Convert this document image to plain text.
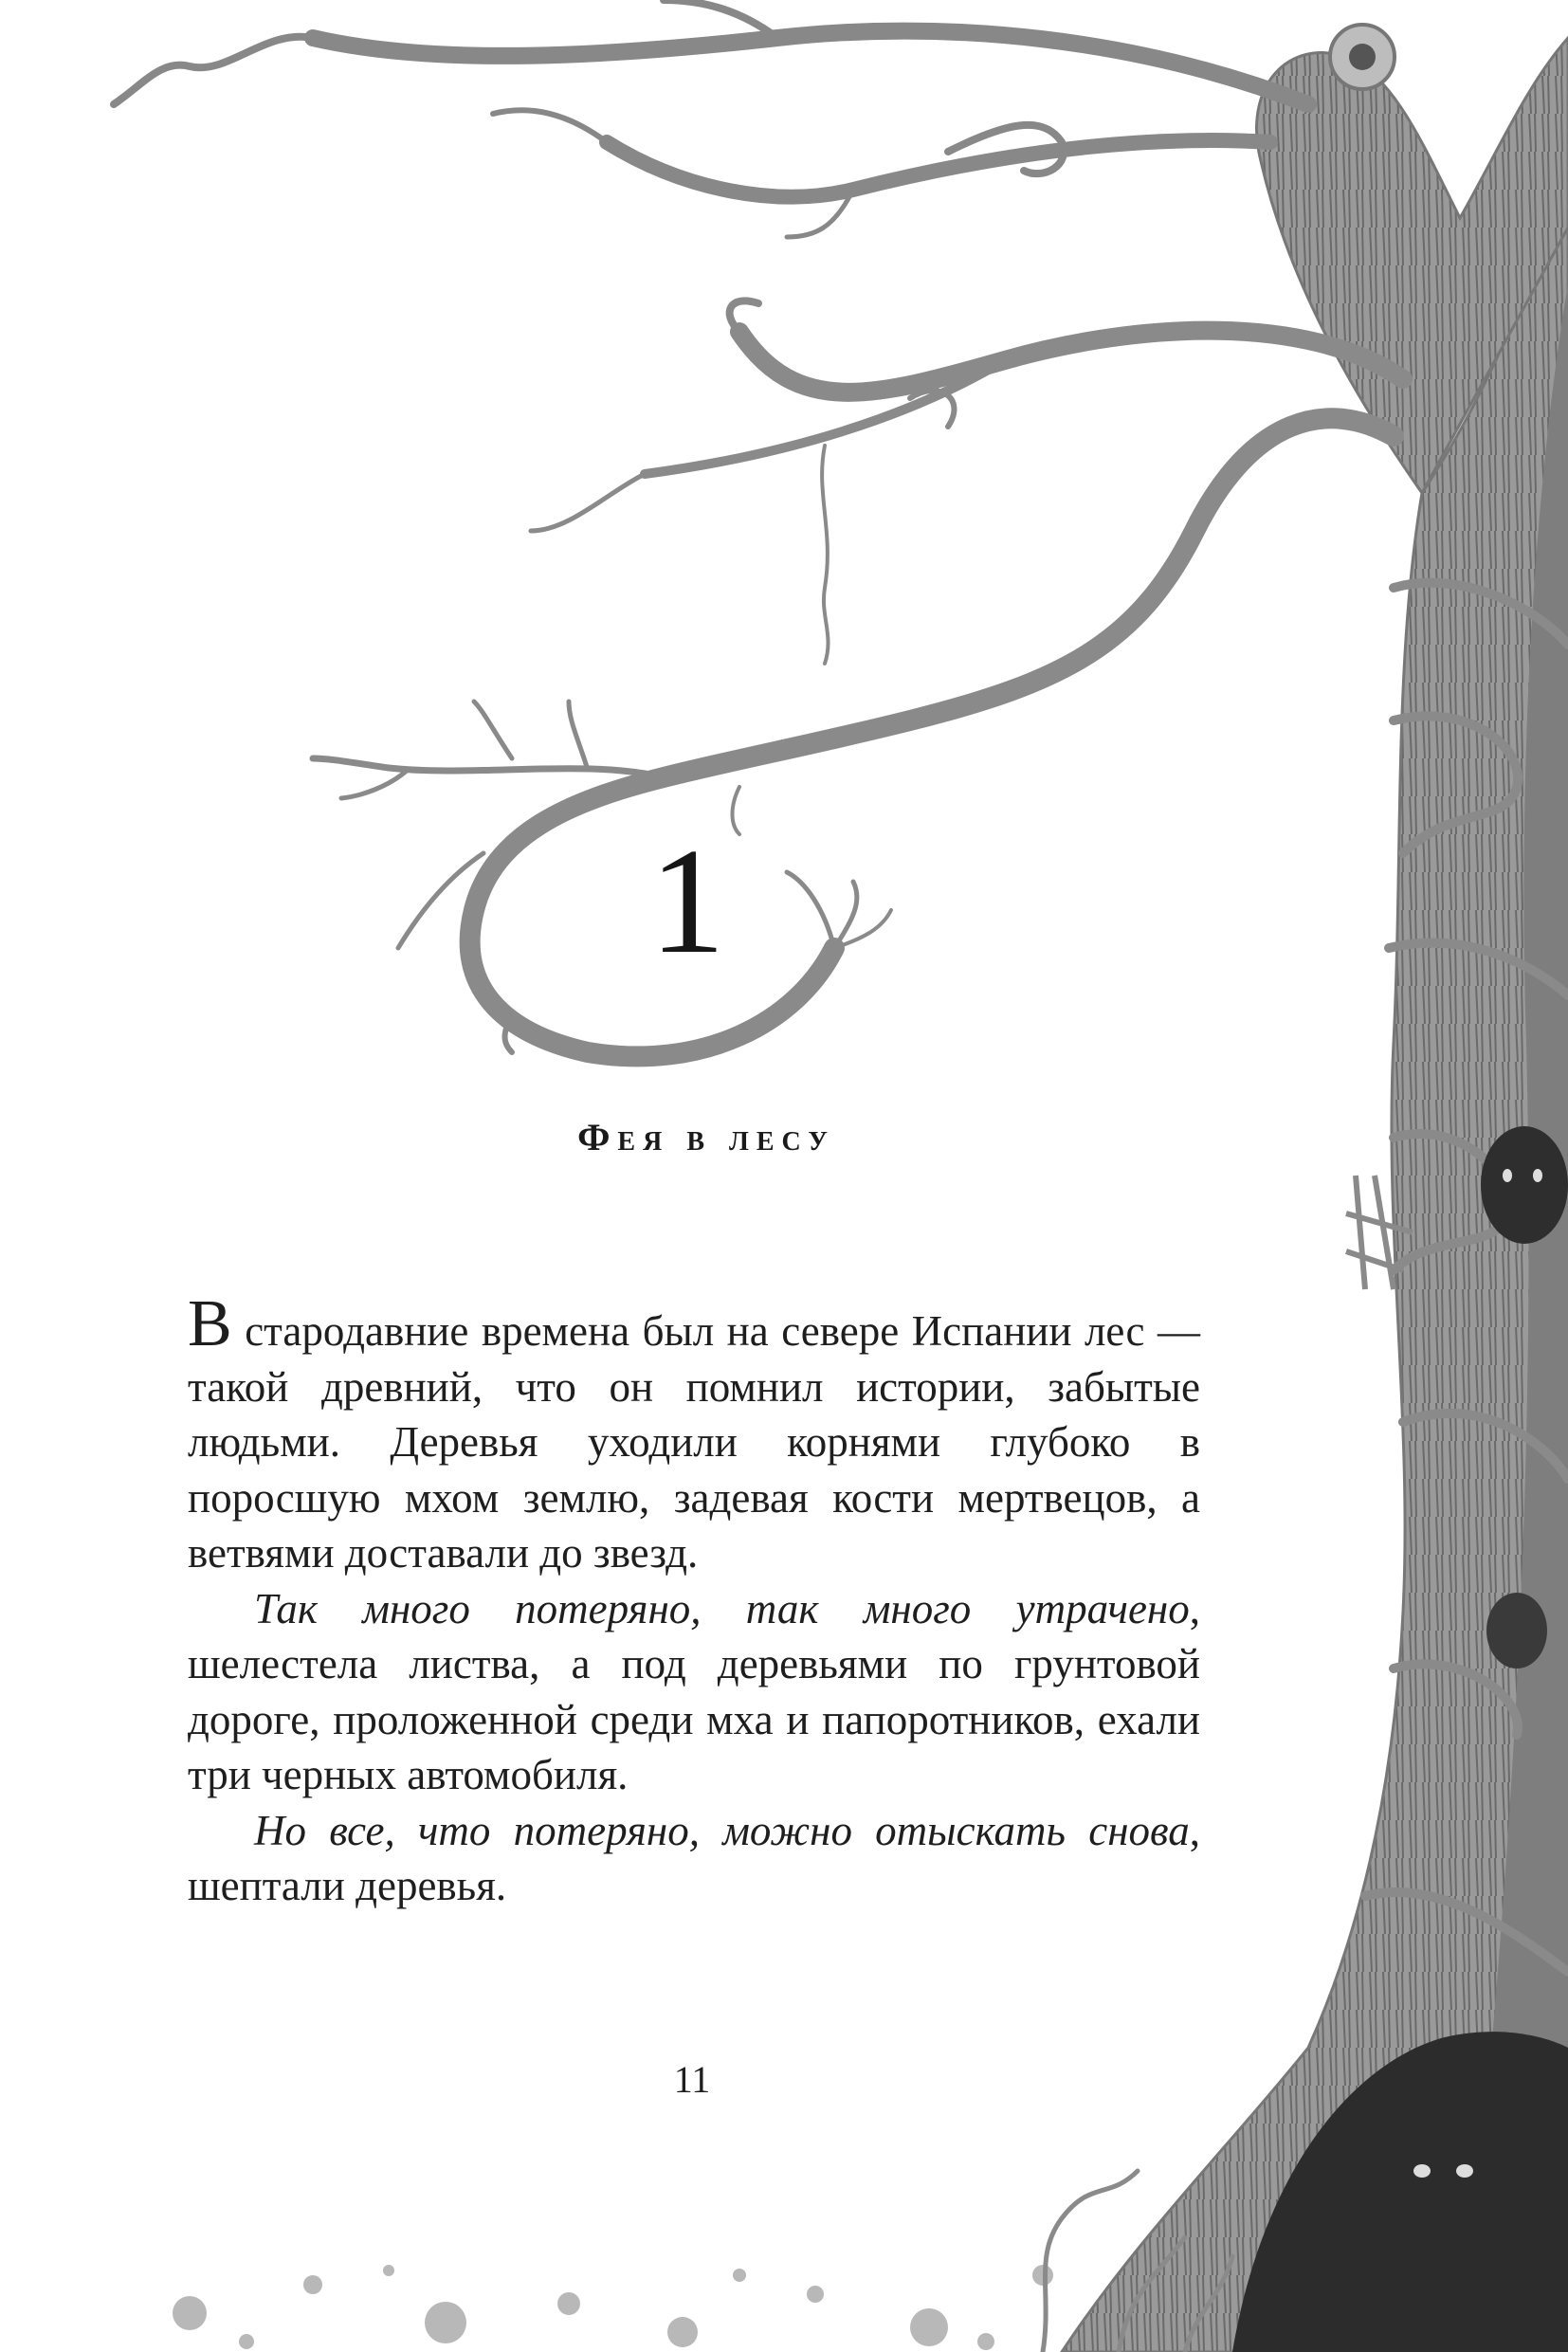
1
Фея в лесу

В стародавние времена был на севере Испании лес — такой древний, что он помнил истории, забытые людьми. Деревья уходили корнями глубоко в поросшую мхом землю, задевая кости мертвецов, а ветвями доставали до звезд.

Так много потеряно, так много утрачено, шелестела листва, а под деревьями по грунтовой дороге, проложенной среди мха и папоротников, ехали три черных автомобиля.

Но все, что потеряно, можно отыскать снова, шептали деревья.

11
